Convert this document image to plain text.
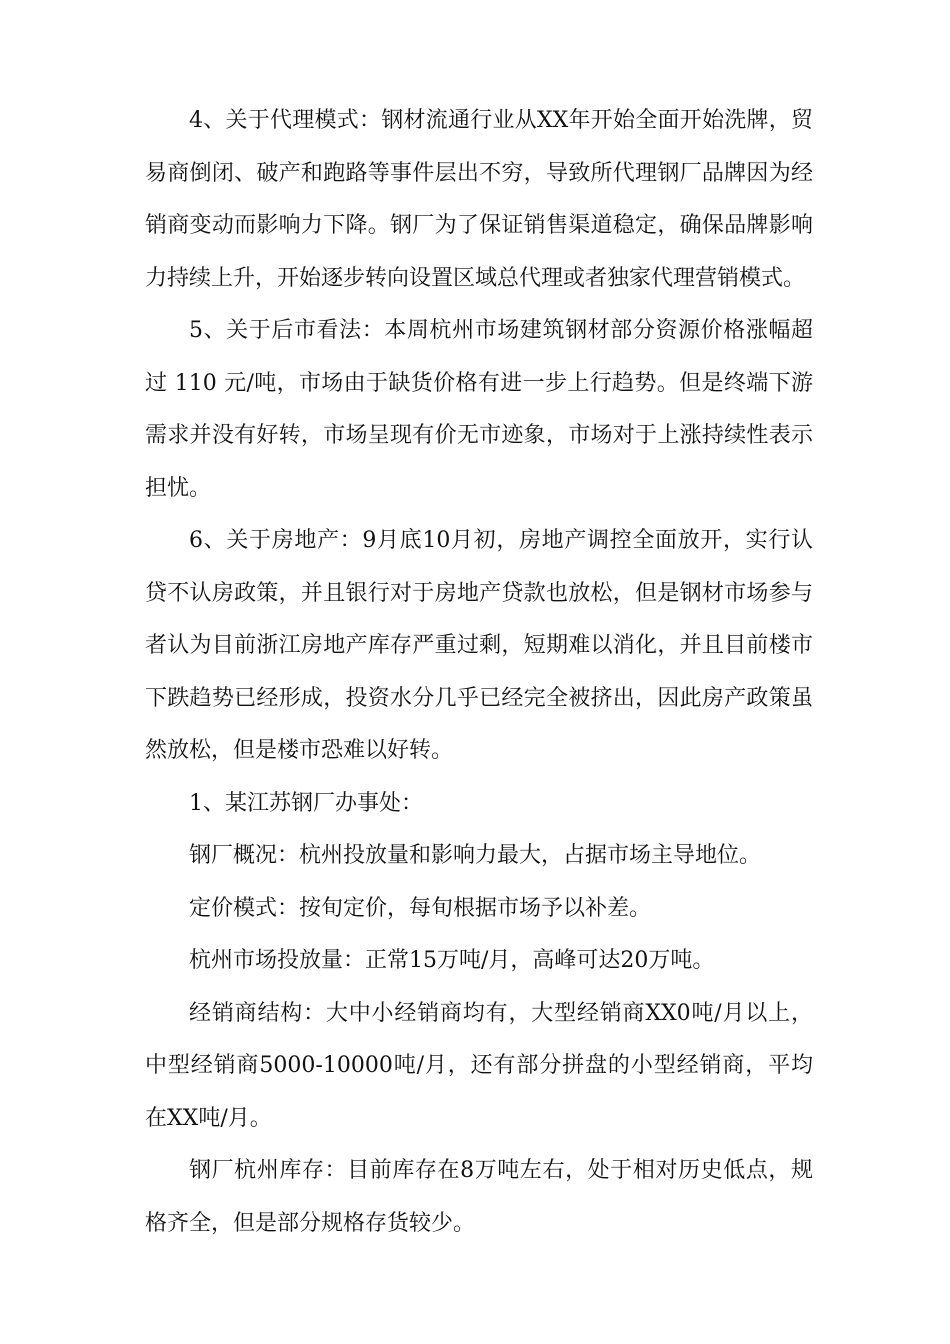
4、关于代理模式：钢材流通行业从XX年开始全面开始洗牌，贸易商倒闭、破产和跑路等事件层出不穷，导致所代理钢厂品牌因为经销商变动而影响力下降。钢厂为了保证销售渠道稳定，确保品牌影响力持续上升，开始逐步转向设置区域总代理或者独家代理营销模式。

5、关于后市看法：本周杭州市场建筑钢材部分资源价格涨幅超过 110 元/吨，市场由于缺货价格有进一步上行趋势。但是终端下游需求并没有好转，市场呈现有价无市迹象，市场对于上涨持续性表示担忧。

6、关于房地产：9月底10月初，房地产调控全面放开，实行认贷不认房政策，并且银行对于房地产贷款也放松，但是钢材市场参与者认为目前浙江房地产库存严重过剩，短期难以消化，并且目前楼市下跌趋势已经形成，投资水分几乎已经完全被挤出，因此房产政策虽然放松，但是楼市恐难以好转。

1、某江苏钢厂办事处：

钢厂概况：杭州投放量和影响力最大，占据市场主导地位。

定价模式：按旬定价，每旬根据市场予以补差。

杭州市场投放量：正常15万吨/月，高峰可达20万吨。

经销商结构：大中小经销商均有，大型经销商XX0吨/月以上，中型经销商5000-10000吨/月，还有部分拼盘的小型经销商，平均在XX吨/月。

钢厂杭州库存：目前库存在8万吨左右，处于相对历史低点，规格齐全，但是部分规格存货较少。
